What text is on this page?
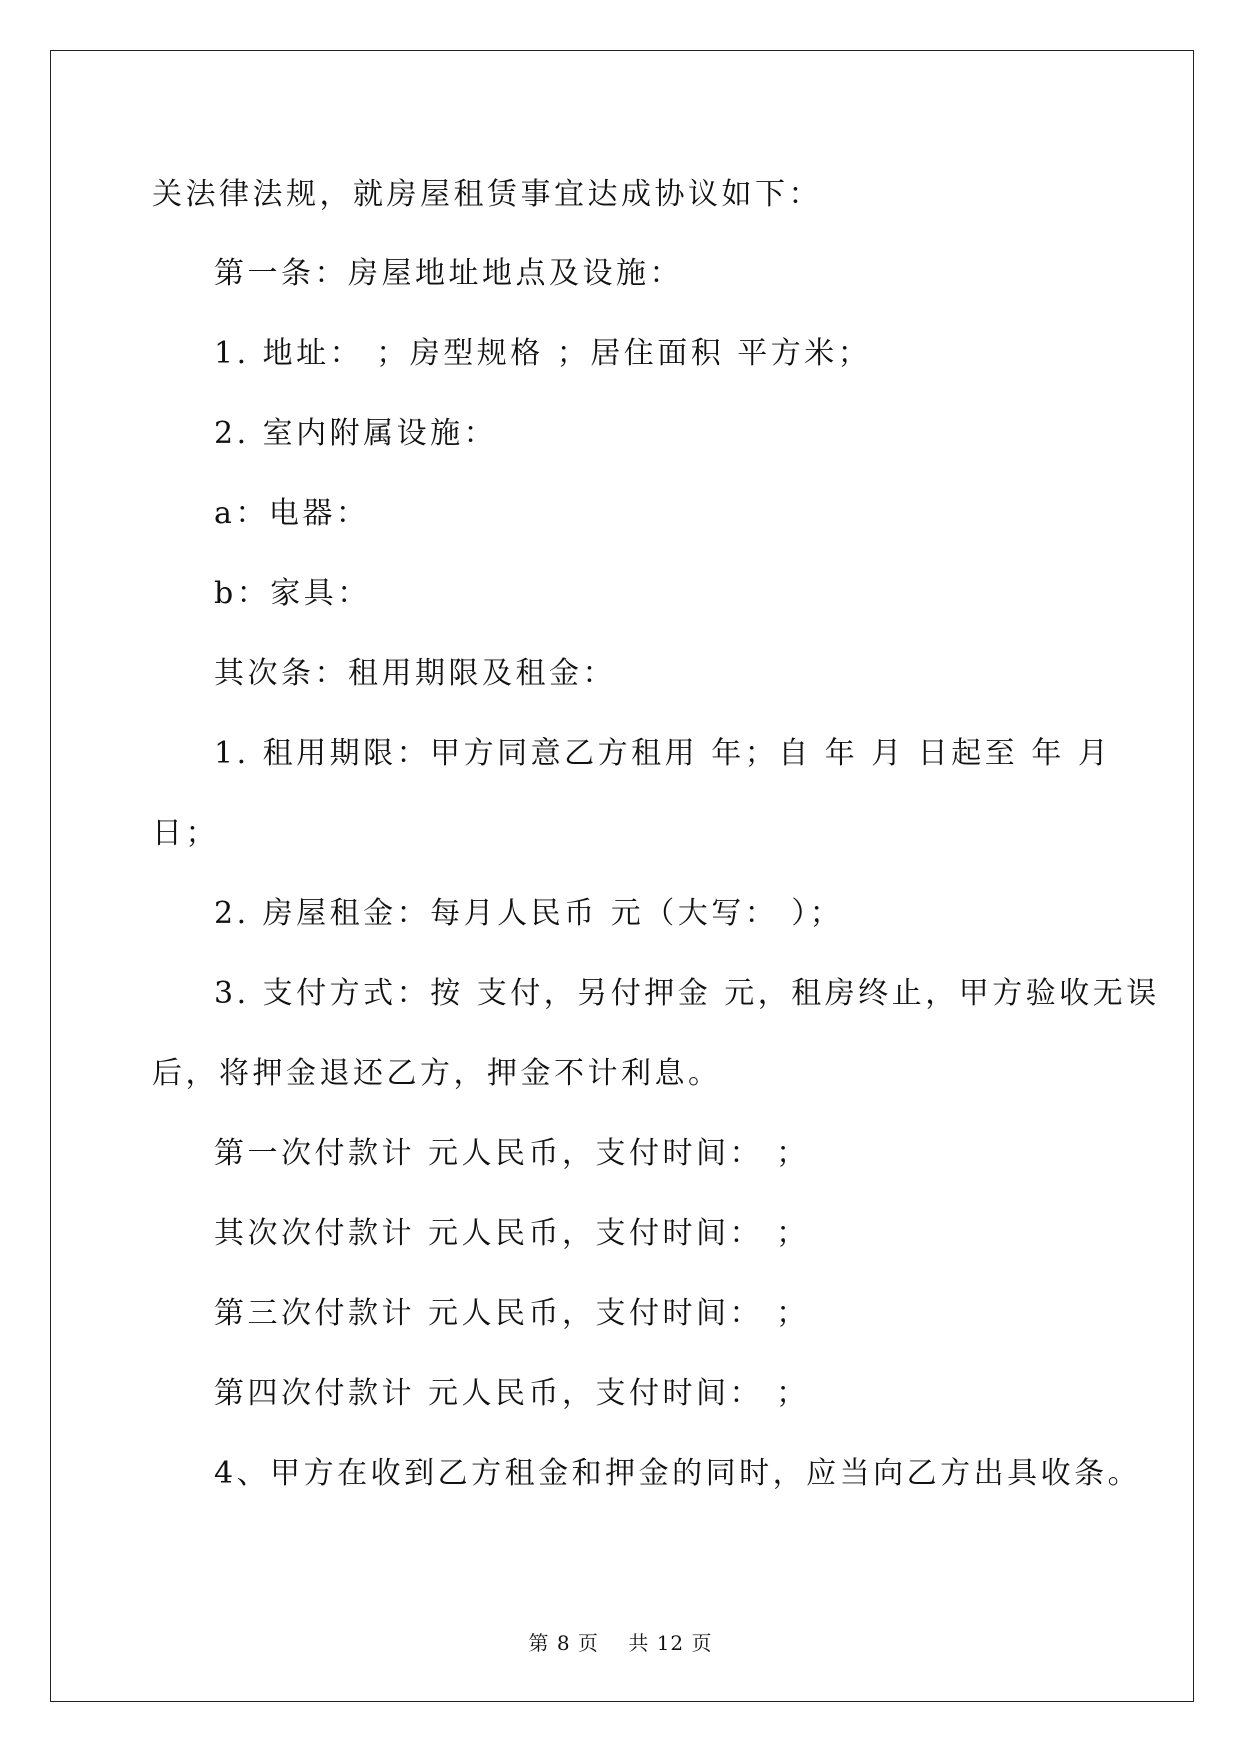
关法律法规，就房屋租赁事宜达成协议如下：
第一条：房屋地址地点及设施：
1. 地址： ；房型规格 ；居住面积 平方米；
2. 室内附属设施：
a：电器：
b：家具：
其次条：租用期限及租金：
1. 租用期限：甲方同意乙方租用 年；自 年 月 日起至 年 月
日；
2. 房屋租金：每月人民币 元（大写： ）；
3. 支付方式：按 支付，另付押金 元，租房终止，甲方验收无误
后，将押金退还乙方，押金不计利息。
第一次付款计 元人民币，支付时间： ；
其次次付款计 元人民币，支付时间： ；
第三次付款计 元人民币，支付时间： ；
第四次付款计 元人民币，支付时间： ；
4、甲方在收到乙方租金和押金的同时，应当向乙方出具收条。
第 8 页    共 12 页
